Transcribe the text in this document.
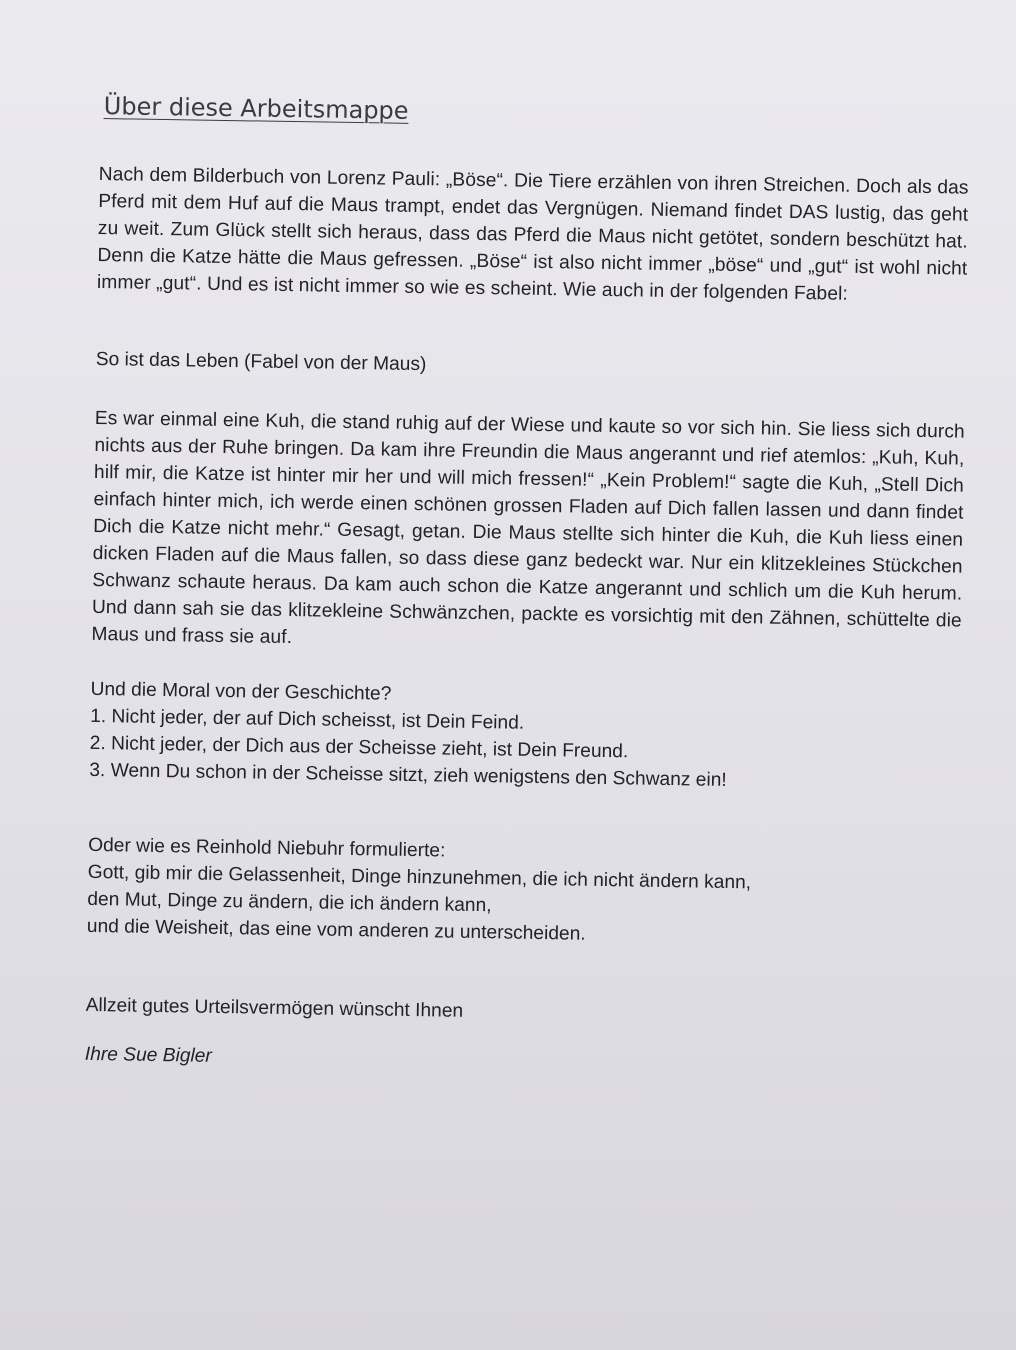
Über diese Arbeitsmappe

Nach dem Bilderbuch von Lorenz Pauli: „Böse“. Die Tiere erzählen von ihren Streichen. Doch als das Pferd mit dem Huf auf die Maus trampt, endet das Vergnügen. Niemand findet DAS lustig, das geht zu weit. Zum Glück stellt sich heraus, dass das Pferd die Maus nicht getötet, sondern beschützt hat. Denn die Katze hätte die Maus gefressen. „Böse“ ist also nicht immer „böse“ und „gut“ ist wohl nicht immer „gut“. Und es ist nicht immer so wie es scheint. Wie auch in der folgenden Fabel:

So ist das Leben (Fabel von der Maus)

Es war einmal eine Kuh, die stand ruhig auf der Wiese und kaute so vor sich hin. Sie liess sich durch nichts aus der Ruhe bringen. Da kam ihre Freundin die Maus angerannt und rief atemlos: „Kuh, Kuh, hilf mir, die Katze ist hinter mir her und will mich fressen!“ „Kein Problem!“ sagte die Kuh, „Stell Dich einfach hinter mich, ich werde einen schönen grossen Fladen auf Dich fallen lassen und dann findet Dich die Katze nicht mehr.“ Gesagt, getan. Die Maus stellte sich hinter die Kuh, die Kuh liess einen dicken Fladen auf die Maus fallen, so dass diese ganz bedeckt war. Nur ein klitzekleines Stückchen Schwanz schaute heraus. Da kam auch schon die Katze angerannt und schlich um die Kuh herum. Und dann sah sie das klitzekleine Schwänzchen, packte es vorsichtig mit den Zähnen, schüttelte die Maus und frass sie auf.

Und die Moral von der Geschichte?

1. Nicht jeder, der auf Dich scheisst, ist Dein Feind.
2. Nicht jeder, der Dich aus der Scheisse zieht, ist Dein Freund.
3. Wenn Du schon in der Scheisse sitzt, zieh wenigstens den Schwanz ein!

Oder wie es Reinhold Niebuhr formulierte:

Gott, gib mir die Gelassenheit, Dinge hinzunehmen, die ich nicht ändern kann,

den Mut, Dinge zu ändern, die ich ändern kann,

und die Weisheit, das eine vom anderen zu unterscheiden.

Allzeit gutes Urteilsvermögen wünscht Ihnen

Ihre Sue Bigler
